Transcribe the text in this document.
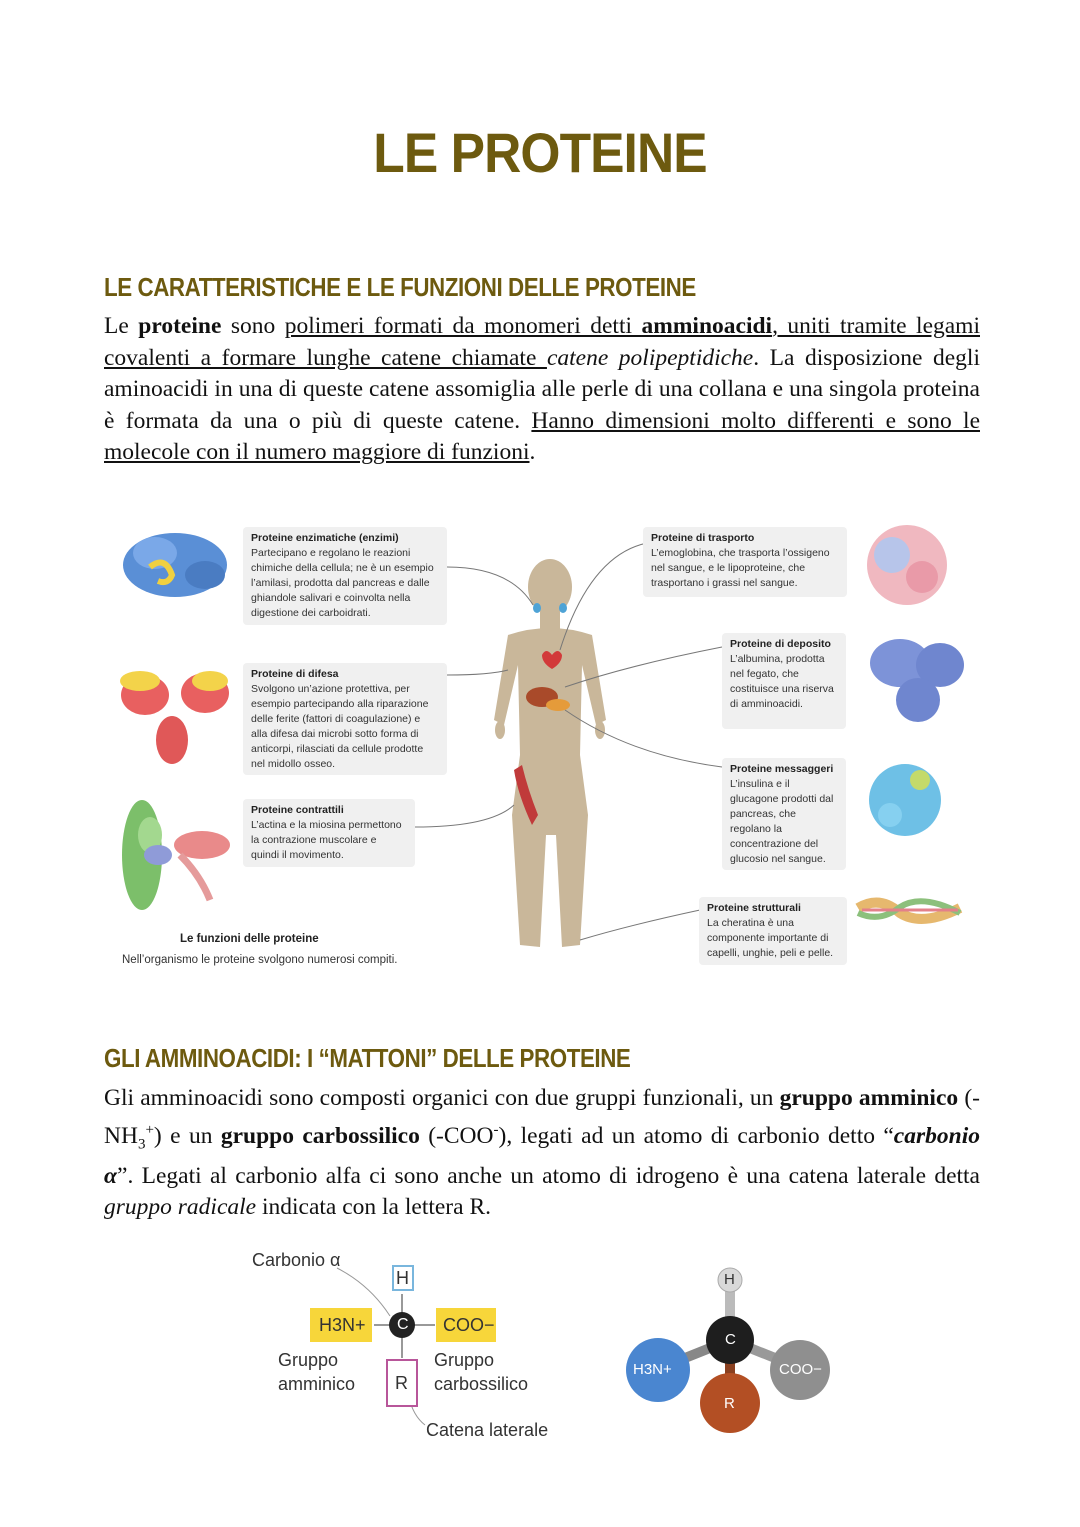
LE PROTEINE
LE CARATTERISTICHE E LE FUNZIONI DELLE PROTEINE
Le proteine sono polimeri formati da monomeri detti amminoacidi, uniti tramite legami covalenti a formare lunghe catene chiamate catene polipeptidiche. La disposizione degli aminoacidi in una di queste catene assomiglia alle perle di una collana e una singola proteina è formata da una o più di queste catene. Hanno dimensioni molto differenti e sono le molecole con il numero maggiore di funzioni.
Proteine enzimatiche (enzimi)
Partecipano e regolano le reazioni chimiche della cellula; ne è un esempio l’amilasi, prodotta dal pancreas e dalle ghiandole salivari e coinvolta nella digestione dei carboidrati.
Proteine di difesa
Svolgono un’azione protettiva, per esempio partecipando alla riparazione delle ferite (fattori di coagulazione) e alla difesa dai microbi sotto forma di anticorpi, rilasciati da cellule prodotte nel midollo osseo.
Proteine contrattili
L’actina e la miosina permettono la contrazione muscolare e quindi il movimento.
Proteine di trasporto
L’emoglobina, che trasporta l’ossigeno nel sangue, e le lipoproteine, che trasportano i grassi nel sangue.
Proteine di deposito
L’albumina, prodotta nel fegato, che costituisce una riserva di amminoacidi.
Proteine messaggeri
L’insulina e il glucagone prodotti dal pancreas, che regolano la concentrazione del glucosio nel sangue.
Proteine strutturali
La cheratina è una componente importante di capelli, unghie, peli e pelle.
Le funzioni delle proteine
Nell’organismo le proteine svolgono numerosi compiti.
GLI AMMINOACIDI: I “MATTONI” DELLE PROTEINE
Gli amminoacidi sono composti organici con due gruppi funzionali, un gruppo amminico $(-NH_3^+)$ e un gruppo carbossilico (-COO-), legati ad un atomo di carbonio detto “carbonio α”. Legati al carbonio alfa ci sono anche un atomo di idrogeno è una catena laterale detta gruppo radicale indicata con la lettera R.
Carbonio α
H
C
H3N+	COO−
R
Gruppo amminico
Gruppo carbossilico
Catena laterale
H
C
H3N+	COO−
R
